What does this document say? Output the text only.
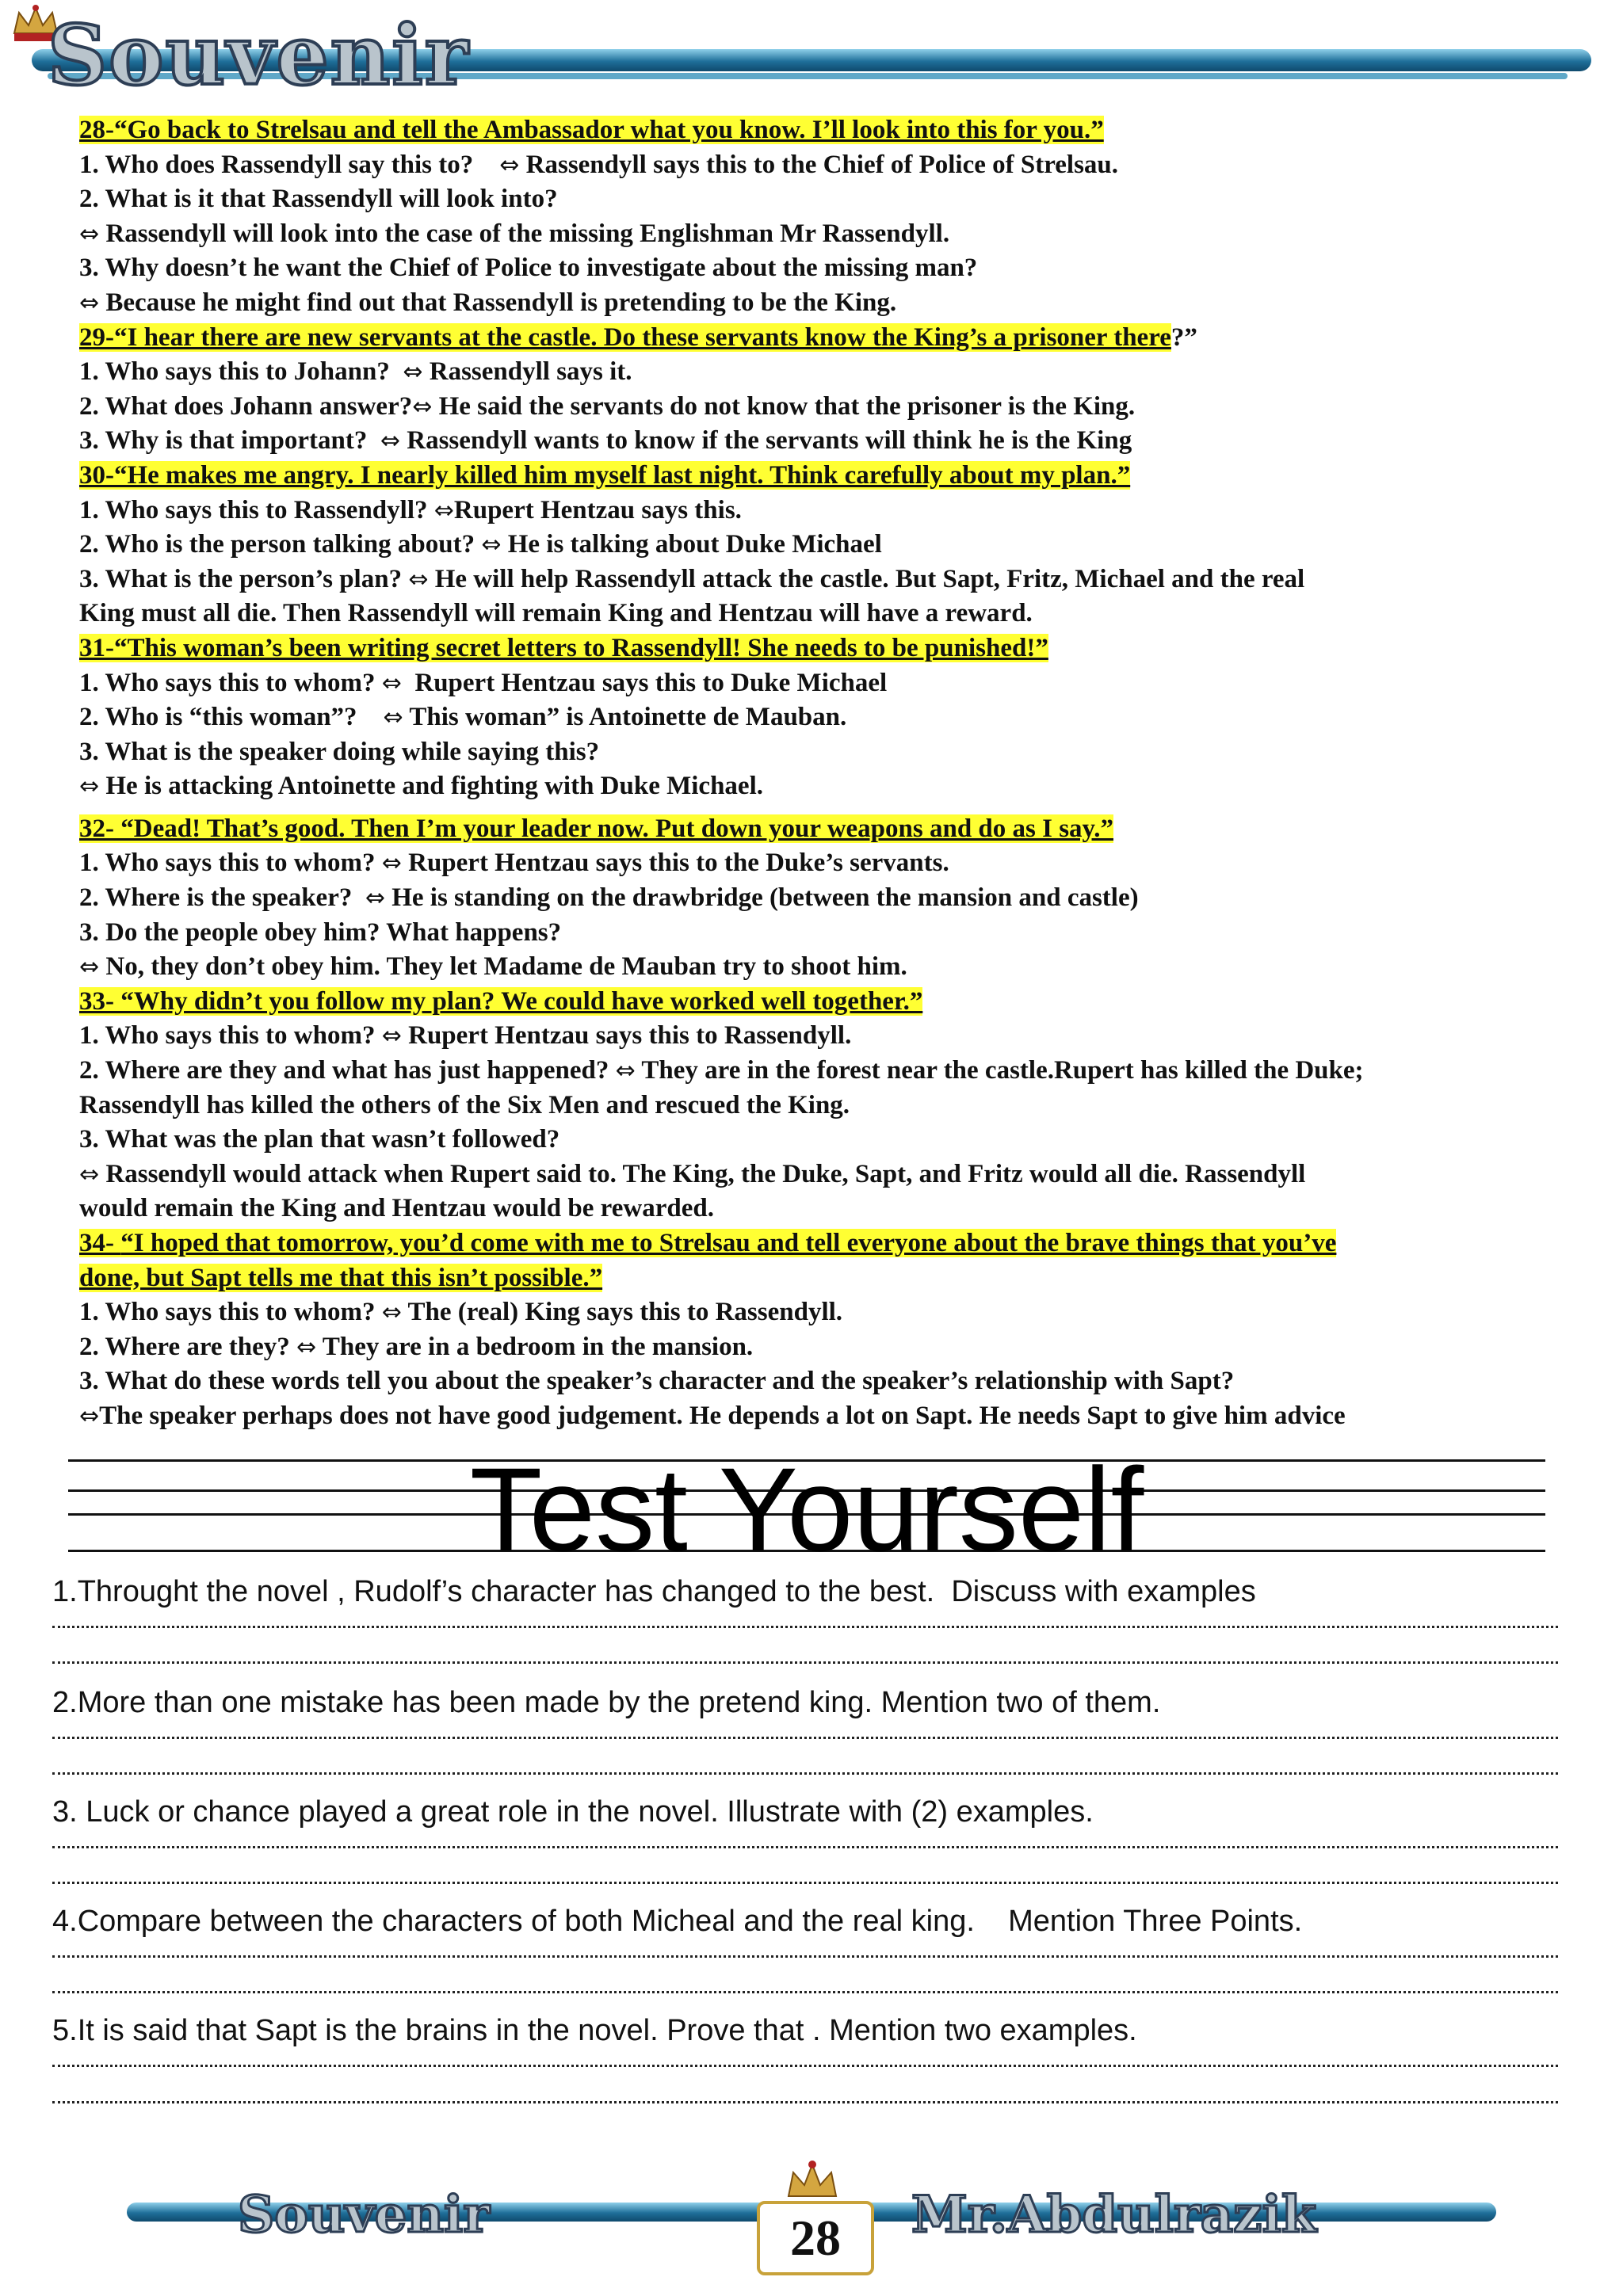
Souvenir
28-“Go back to Strelsau and tell the Ambassador what you know. I’ll look into this for you.”
1. Who does Rassendyll say this to?    ⇔ Rassendyll says this to the Chief of Police of Strelsau.
2. What is it that Rassendyll will look into?
⇔ Rassendyll will look into the case of the missing Englishman Mr Rassendyll.
3. Why doesn’t he want the Chief of Police to investigate about the missing man?
⇔ Because he might find out that Rassendyll is pretending to be the King.
29-“I hear there are new servants at the castle. Do these servants know the King’s a prisoner there?”
1. Who says this to Johann?  ⇔ Rassendyll says it.
2. What does Johann answer?⇔ He said the servants do not know that the prisoner is the King.
3. Why is that important?  ⇔ Rassendyll wants to know if the servants will think he is the King
30-“He makes me angry. I nearly killed him myself last night. Think carefully about my plan.”
1. Who says this to Rassendyll? ⇔Rupert Hentzau says this.
2. Who is the person talking about? ⇔ He is talking about Duke Michael
3. What is the person’s plan? ⇔ He will help Rassendyll attack the castle. But Sapt, Fritz, Michael and the real
King must all die. Then Rassendyll will remain King and Hentzau will have a reward.
31-“This woman’s been writing secret letters to Rassendyll! She needs to be punished!”
1. Who says this to whom? ⇔  Rupert Hentzau says this to Duke Michael
2. Who is “this woman”?    ⇔ This woman” is Antoinette de Mauban.
3. What is the speaker doing while saying this?
⇔ He is attacking Antoinette and fighting with Duke Michael.
32- “Dead! That’s good. Then I’m your leader now. Put down your weapons and do as I say.”
1. Who says this to whom? ⇔ Rupert Hentzau says this to the Duke’s servants.
2. Where is the speaker?  ⇔ He is standing on the drawbridge (between the mansion and castle)
3. Do the people obey him? What happens?
⇔ No, they don’t obey him. They let Madame de Mauban try to shoot him.
33- “Why didn’t you follow my plan? We could have worked well together.”
1. Who says this to whom? ⇔ Rupert Hentzau says this to Rassendyll.
2. Where are they and what has just happened? ⇔ They are in the forest near the castle.Rupert has killed the Duke;
Rassendyll has killed the others of the Six Men and rescued the King.
3. What was the plan that wasn’t followed?
⇔ Rassendyll would attack when Rupert said to. The King, the Duke, Sapt, and Fritz would all die. Rassendyll
would remain the King and Hentzau would be rewarded.
34- “I hoped that tomorrow, you’d come with me to Strelsau and tell everyone about the brave things that you’ve
done, but Sapt tells me that this isn’t possible.”
1. Who says this to whom? ⇔ The (real) King says this to Rassendyll.
2. Where are they? ⇔ They are in a bedroom in the mansion.
3. What do these words tell you about the speaker’s character and the speaker’s relationship with Sapt?
⇔The speaker perhaps does not have good judgement. He depends a lot on Sapt. He needs Sapt to give him advice
Test Yourself
1.Throught the novel , Rudolf’s character has changed to the best.  Discuss with examples
2.More than one mistake has been made by the pretend king. Mention two of them.
3. Luck or chance played a great role in the novel. Illustrate with (2) examples.
4.Compare between the characters of both Micheal and the real king.    Mention Three Points.
5.It is said that Sapt is the brains in the novel. Prove that . Mention two examples.
Souvenir	28	Mr.Abdulrazik
